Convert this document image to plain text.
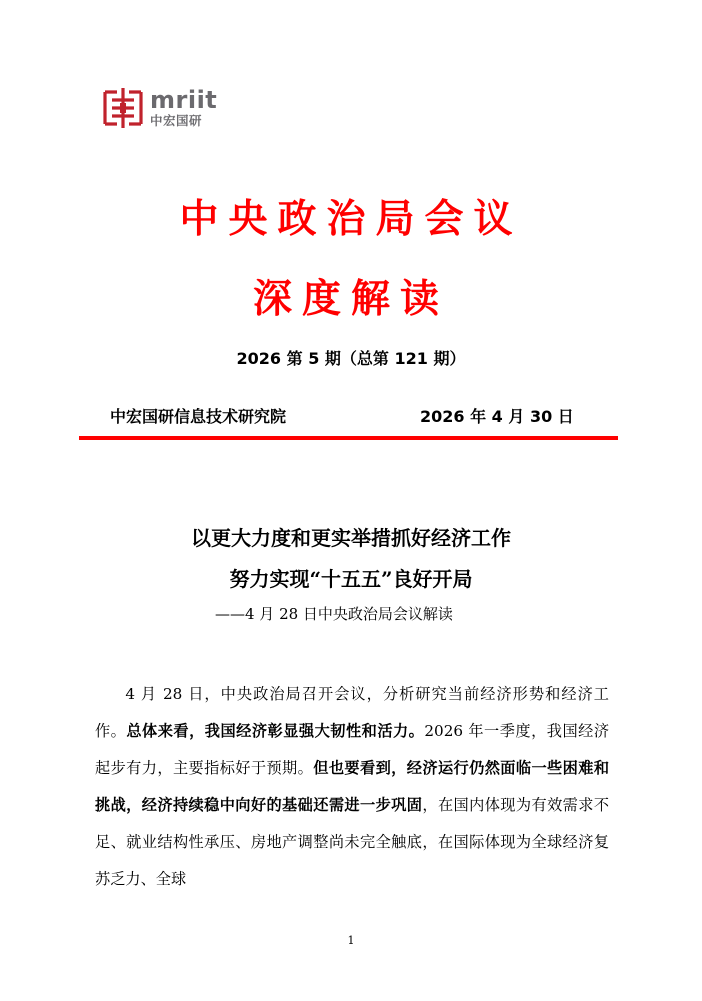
mriit
中宏国研
中央政治局会议
深度解读
2026 第 5 期（总第 121 期）
中宏国研信息技术研究院	2026 年 4 月 30 日
以更大力度和更实举措抓好经济工作
努力实现“十五五”良好开局
——4 月 28 日中央政治局会议解读
4 月 28 日，中央政治局召开会议，分析研究当前经济形势和经济工作。总体来看，我国经济彰显强大韧性和活力。2026 年一季度，我国经济起步有力，主要指标好于预期。但也要看到，经济运行仍然面临一些困难和挑战，经济持续稳中向好的基础还需进一步巩固，在国内体现为有效需求不足、就业结构性承压、房地产调整尚未完全触底，在国际体现为全球经济复苏乏力、全球
1
